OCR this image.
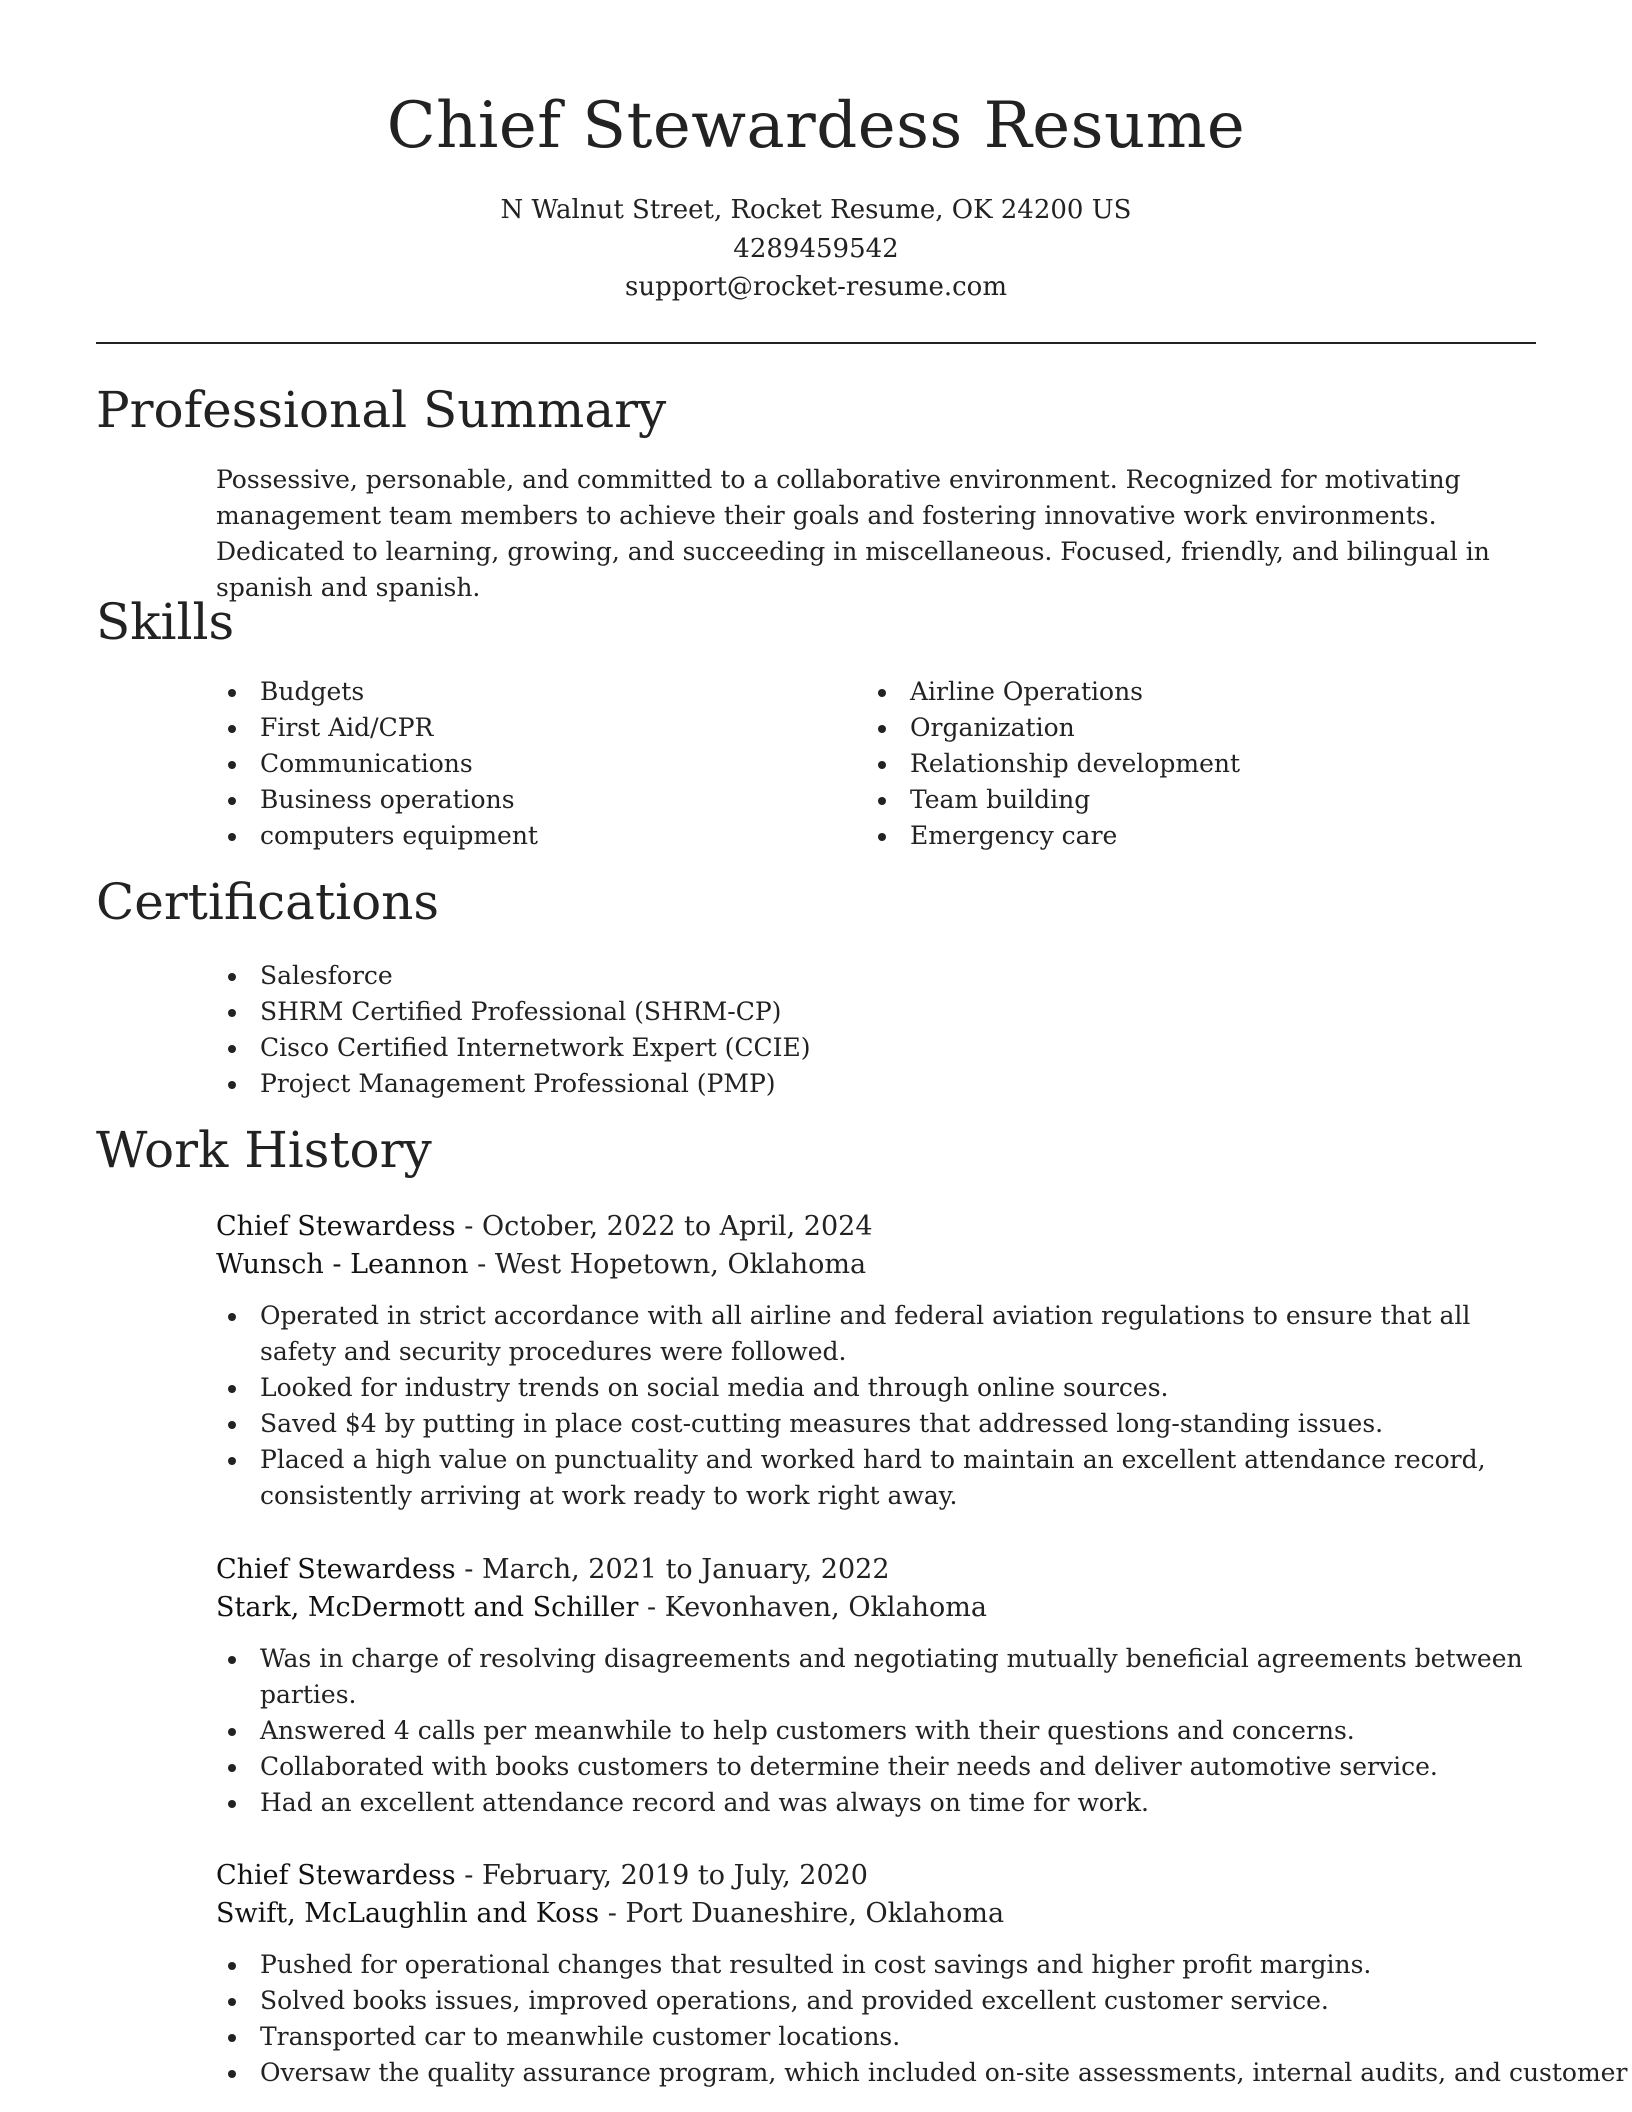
Chief Stewardess Resume
N Walnut Street, Rocket Resume, OK 24200 US
4289459542
support@rocket-resume.com
Professional Summary

Possessive, personable, and committed to a collaborative environment. Recognized for motivating management team members to achieve their goals and fostering innovative work environments. Dedicated to learning, growing, and succeeding in miscellaneous. Focused, friendly, and bilingual in spanish and spanish.

Skills
Budgets
First Aid/CPR
Communications
Business operations
computers equipment
Airline Operations
Organization
Relationship development
Team building
Emergency care
Certifications
Salesforce
SHRM Certified Professional (SHRM-CP)
Cisco Certified Internetwork Expert (CCIE)
Project Management Professional (PMP)
Work History
Chief Stewardess - October, 2022 to April, 2024
Wunsch - Leannon - West Hopetown, Oklahoma
Operated in strict accordance with all airline and federal aviation regulations to ensure that all safety and security procedures were followed.
Looked for industry trends on social media and through online sources.
Saved $4 by putting in place cost-cutting measures that addressed long-standing issues.
Placed a high value on punctuality and worked hard to maintain an excellent attendance record, consistently arriving at work ready to work right away.
Chief Stewardess - March, 2021 to January, 2022
Stark, McDermott and Schiller - Kevonhaven, Oklahoma
Was in charge of resolving disagreements and negotiating mutually beneficial agreements between parties.
Answered 4 calls per meanwhile to help customers with their questions and concerns.
Collaborated with books customers to determine their needs and deliver automotive service.
Had an excellent attendance record and was always on time for work.
Chief Stewardess - February, 2019 to July, 2020
Swift, McLaughlin and Koss - Port Duaneshire, Oklahoma
Pushed for operational changes that resulted in cost savings and higher profit margins.
Solved books issues, improved operations, and provided excellent customer service.
Transported car to meanwhile customer locations.
Oversaw the quality assurance program, which included on-site assessments, internal audits, and customer
